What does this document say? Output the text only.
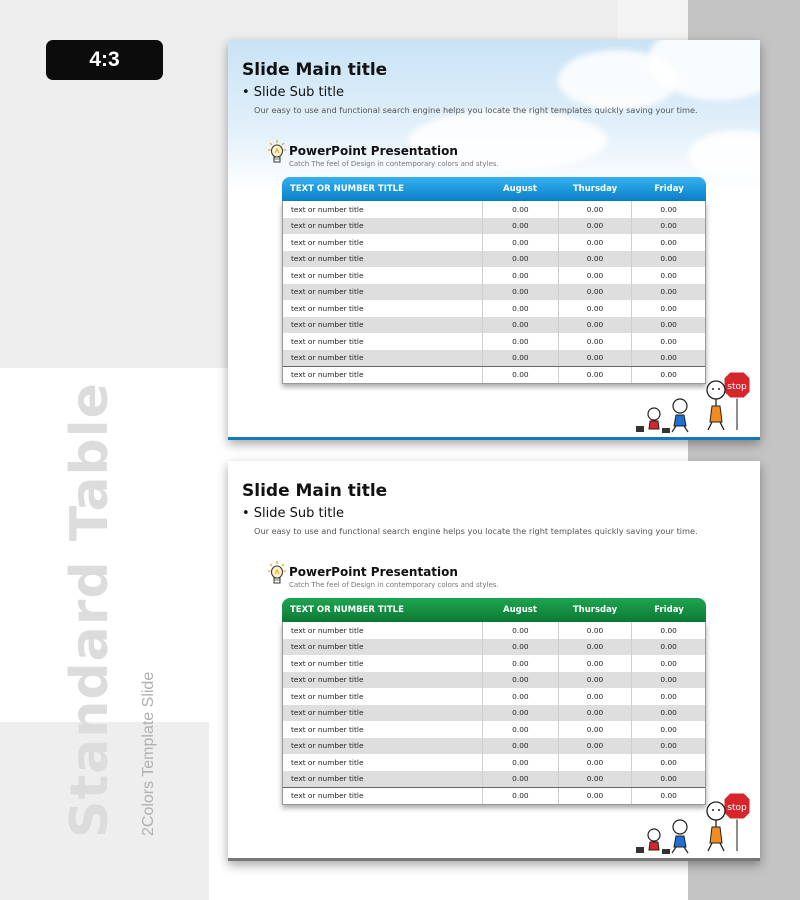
4:3
Standard Table 2Colors Template Slide
Slide Main title
• Slide Sub title
Our easy to use and functional search engine helps you locate the right templates quickly saving your time.
PowerPoint Presentation
Catch The feel of Design in contemporary colors and styles.
TEXT OR NUMBER TITLE	August	Thursday	Friday
text or number title	0.00	0.00	0.00
text or number title	0.00	0.00	0.00
text or number title	0.00	0.00	0.00
text or number title	0.00	0.00	0.00
text or number title	0.00	0.00	0.00
text or number title	0.00	0.00	0.00
text or number title	0.00	0.00	0.00
text or number title	0.00	0.00	0.00
text or number title	0.00	0.00	0.00
text or number title	0.00	0.00	0.00
text or number title	0.00	0.00	0.00
stop
Slide Main title
• Slide Sub title
Our easy to use and functional search engine helps you locate the right templates quickly saving your time.
PowerPoint Presentation
Catch The feel of Design in contemporary colors and styles.
TEXT OR NUMBER TITLE	August	Thursday	Friday
text or number title	0.00	0.00	0.00
text or number title	0.00	0.00	0.00
text or number title	0.00	0.00	0.00
text or number title	0.00	0.00	0.00
text or number title	0.00	0.00	0.00
text or number title	0.00	0.00	0.00
text or number title	0.00	0.00	0.00
text or number title	0.00	0.00	0.00
text or number title	0.00	0.00	0.00
text or number title	0.00	0.00	0.00
text or number title	0.00	0.00	0.00
stop
